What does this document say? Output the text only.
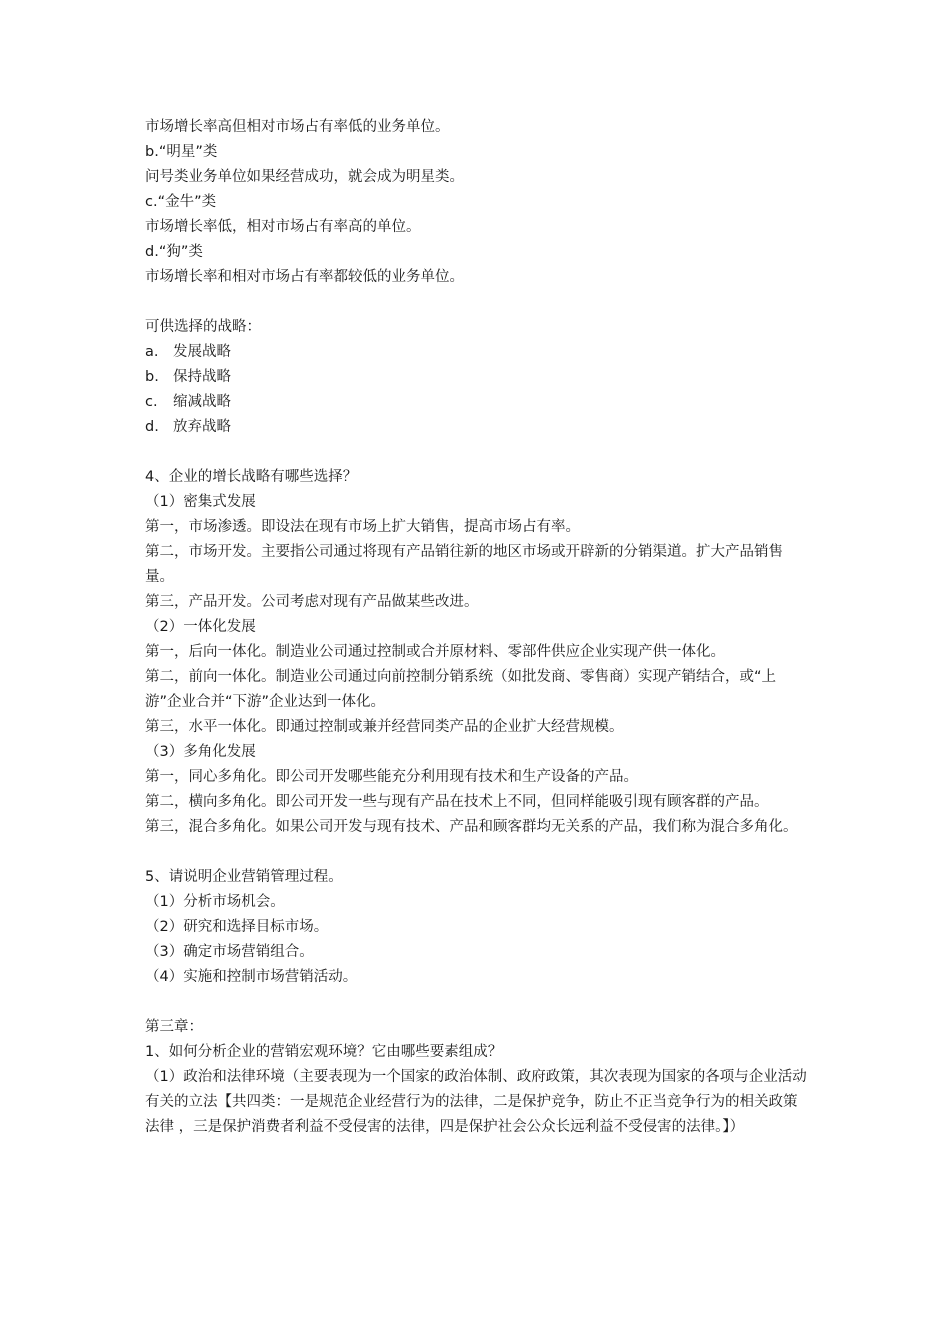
市场增长率高但相对市场占有率低的业务单位。
b.“明星”类
问号类业务单位如果经营成功，就会成为明星类。
c.“金牛”类
市场增长率低，相对市场占有率高的单位。
d.“狗”类
市场增长率和相对市场占有率都较低的业务单位。
可供选择的战略：
a. 发展战略
b. 保持战略
c. 缩减战略
d. 放弃战略
4、企业的增长战略有哪些选择？
（1）密集式发展
第一，市场渗透。即设法在现有市场上扩大销售，提高市场占有率。
第二，市场开发。主要指公司通过将现有产品销往新的地区市场或开辟新的分销渠道。扩大产品销售量。
第三，产品开发。公司考虑对现有产品做某些改进。
（2）一体化发展
第一，后向一体化。制造业公司通过控制或合并原材料、零部件供应企业实现产供一体化。
第二，前向一体化。制造业公司通过向前控制分销系统（如批发商、零售商）实现产销结合，或“上游”企业合并“下游”企业达到一体化。
第三，水平一体化。即通过控制或兼并经营同类产品的企业扩大经营规模。
（3）多角化发展
第一，同心多角化。即公司开发哪些能充分利用现有技术和生产设备的产品。
第二，横向多角化。即公司开发一些与现有产品在技术上不同，但同样能吸引现有顾客群的产品。
第三，混合多角化。如果公司开发与现有技术、产品和顾客群均无关系的产品，我们称为混合多角化。
5、请说明企业营销管理过程。
（1）分析市场机会。
（2）研究和选择目标市场。
（3）确定市场营销组合。
（4）实施和控制市场营销活动。
第三章：
1、如何分析企业的营销宏观环境？它由哪些要素组成？
（1）政治和法律环境（主要表现为一个国家的政治体制、政府政策，其次表现为国家的各项与企业活动有关的立法【共四类：一是规范企业经营行为的法律，二是保护竞争，防止不正当竞争行为的相关政策法律 ，三是保护消费者利益不受侵害的法律，四是保护社会公众长远利益不受侵害的法律。】）
